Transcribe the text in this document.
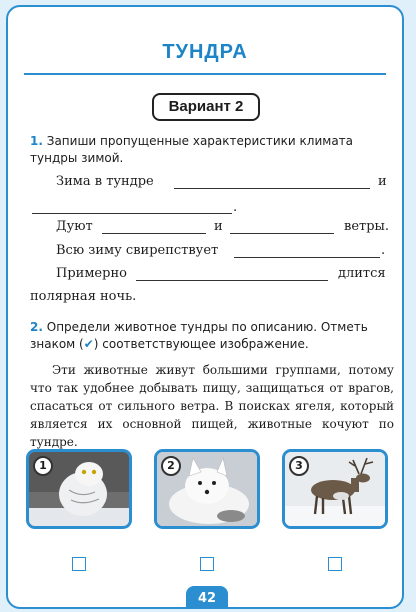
ТУНДРА
Вариант 2
1. Запиши пропущенные характеристики климата тундры зимой.
Зима в тундре	и
.
Дуют	и	ветры.
Всю зиму свирепствует	.
Примерно	длится
полярная ночь.
2. Определи животное тундры по описанию. Отметь знаком (✔) соответствующее изображение.
Эти животные живут большими группами, потому что так удобнее добывать пищу, защищаться от врагов, спасаться от сильного ветра. В поисках ягеля, который является их основной пищей, животные кочуют по тундре.
1	2	3
42
